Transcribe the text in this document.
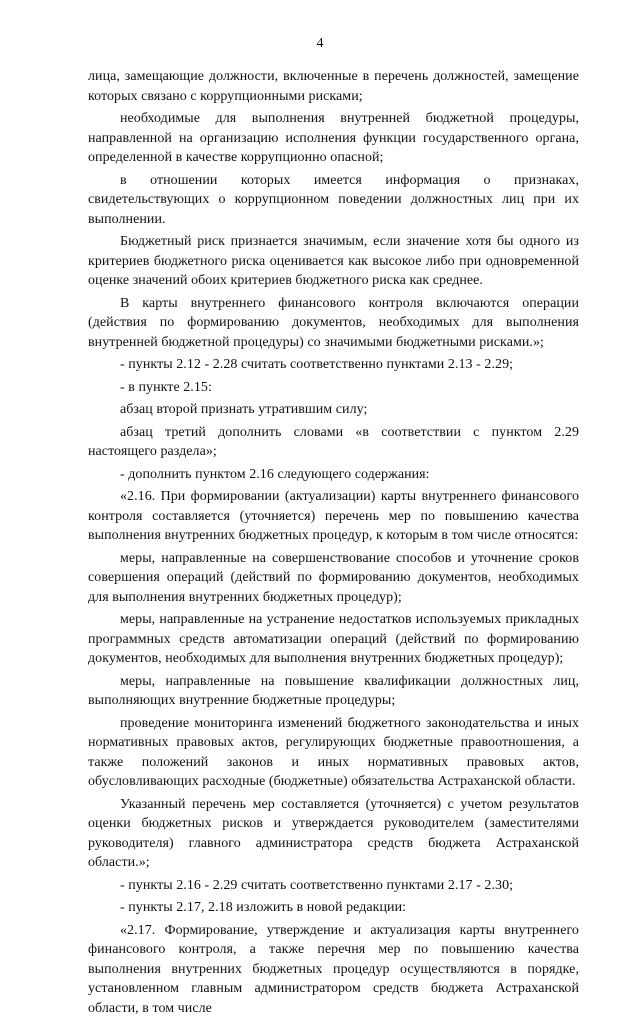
4

лица, замещающие должности, включенные в перечень должностей, замещение которых связано с коррупционными рисками;

необходимые для выполнения внутренней бюджетной процедуры, направленной на организацию исполнения функции государственного органа, определенной в качестве коррупционно опасной;

в отношении которых имеется информация о признаках, свидетельствующих о коррупционном поведении должностных лиц при их выполнении.

Бюджетный риск признается значимым, если значение хотя бы одного из критериев бюджетного риска оценивается как высокое либо при одновременной оценке значений обоих критериев бюджетного риска как среднее.

В карты внутреннего финансового контроля включаются операции (действия по формированию документов, необходимых для выполнения внутренней бюджетной процедуры) со значимыми бюджетными рисками.»;

- пункты 2.12 - 2.28 считать соответственно пунктами 2.13 - 2.29;

- в пункте 2.15:

абзац второй признать утратившим силу;

абзац третий дополнить словами «в соответствии с пунктом 2.29 настоящего раздела»;

- дополнить пунктом 2.16 следующего содержания:

«2.16. При формировании (актуализации) карты внутреннего финансового контроля составляется (уточняется) перечень мер по повышению качества выполнения внутренних бюджетных процедур, к которым в том числе относятся:

меры, направленные на совершенствование способов и уточнение сроков совершения операций (действий по формированию документов, необходимых для выполнения внутренних бюджетных процедур);

меры, направленные на устранение недостатков используемых прикладных программных средств автоматизации операций (действий по формированию документов, необходимых для выполнения внутренних бюджетных процедур);

меры, направленные на повышение квалификации должностных лиц, выполняющих внутренние бюджетные процедуры;

проведение мониторинга изменений бюджетного законодательства и иных нормативных правовых актов, регулирующих бюджетные правоотношения, а также положений законов и иных нормативных правовых актов, обусловливающих расходные (бюджетные) обязательства Астраханской области.

Указанный перечень мер составляется (уточняется) с учетом результатов оценки бюджетных рисков и утверждается руководителем (заместителями руководителя) главного администратора средств бюджета Астраханской области.»;

- пункты 2.16 - 2.29 считать соответственно пунктами 2.17 - 2.30;

- пункты 2.17, 2.18 изложить в новой редакции:

«2.17. Формирование, утверждение и актуализация карты внутреннего финансового контроля, а также перечня мер по повышению качества выполнения внутренних бюджетных процедур осуществляются в порядке, установленном главным администратором средств бюджета Астраханской области, в том числе
